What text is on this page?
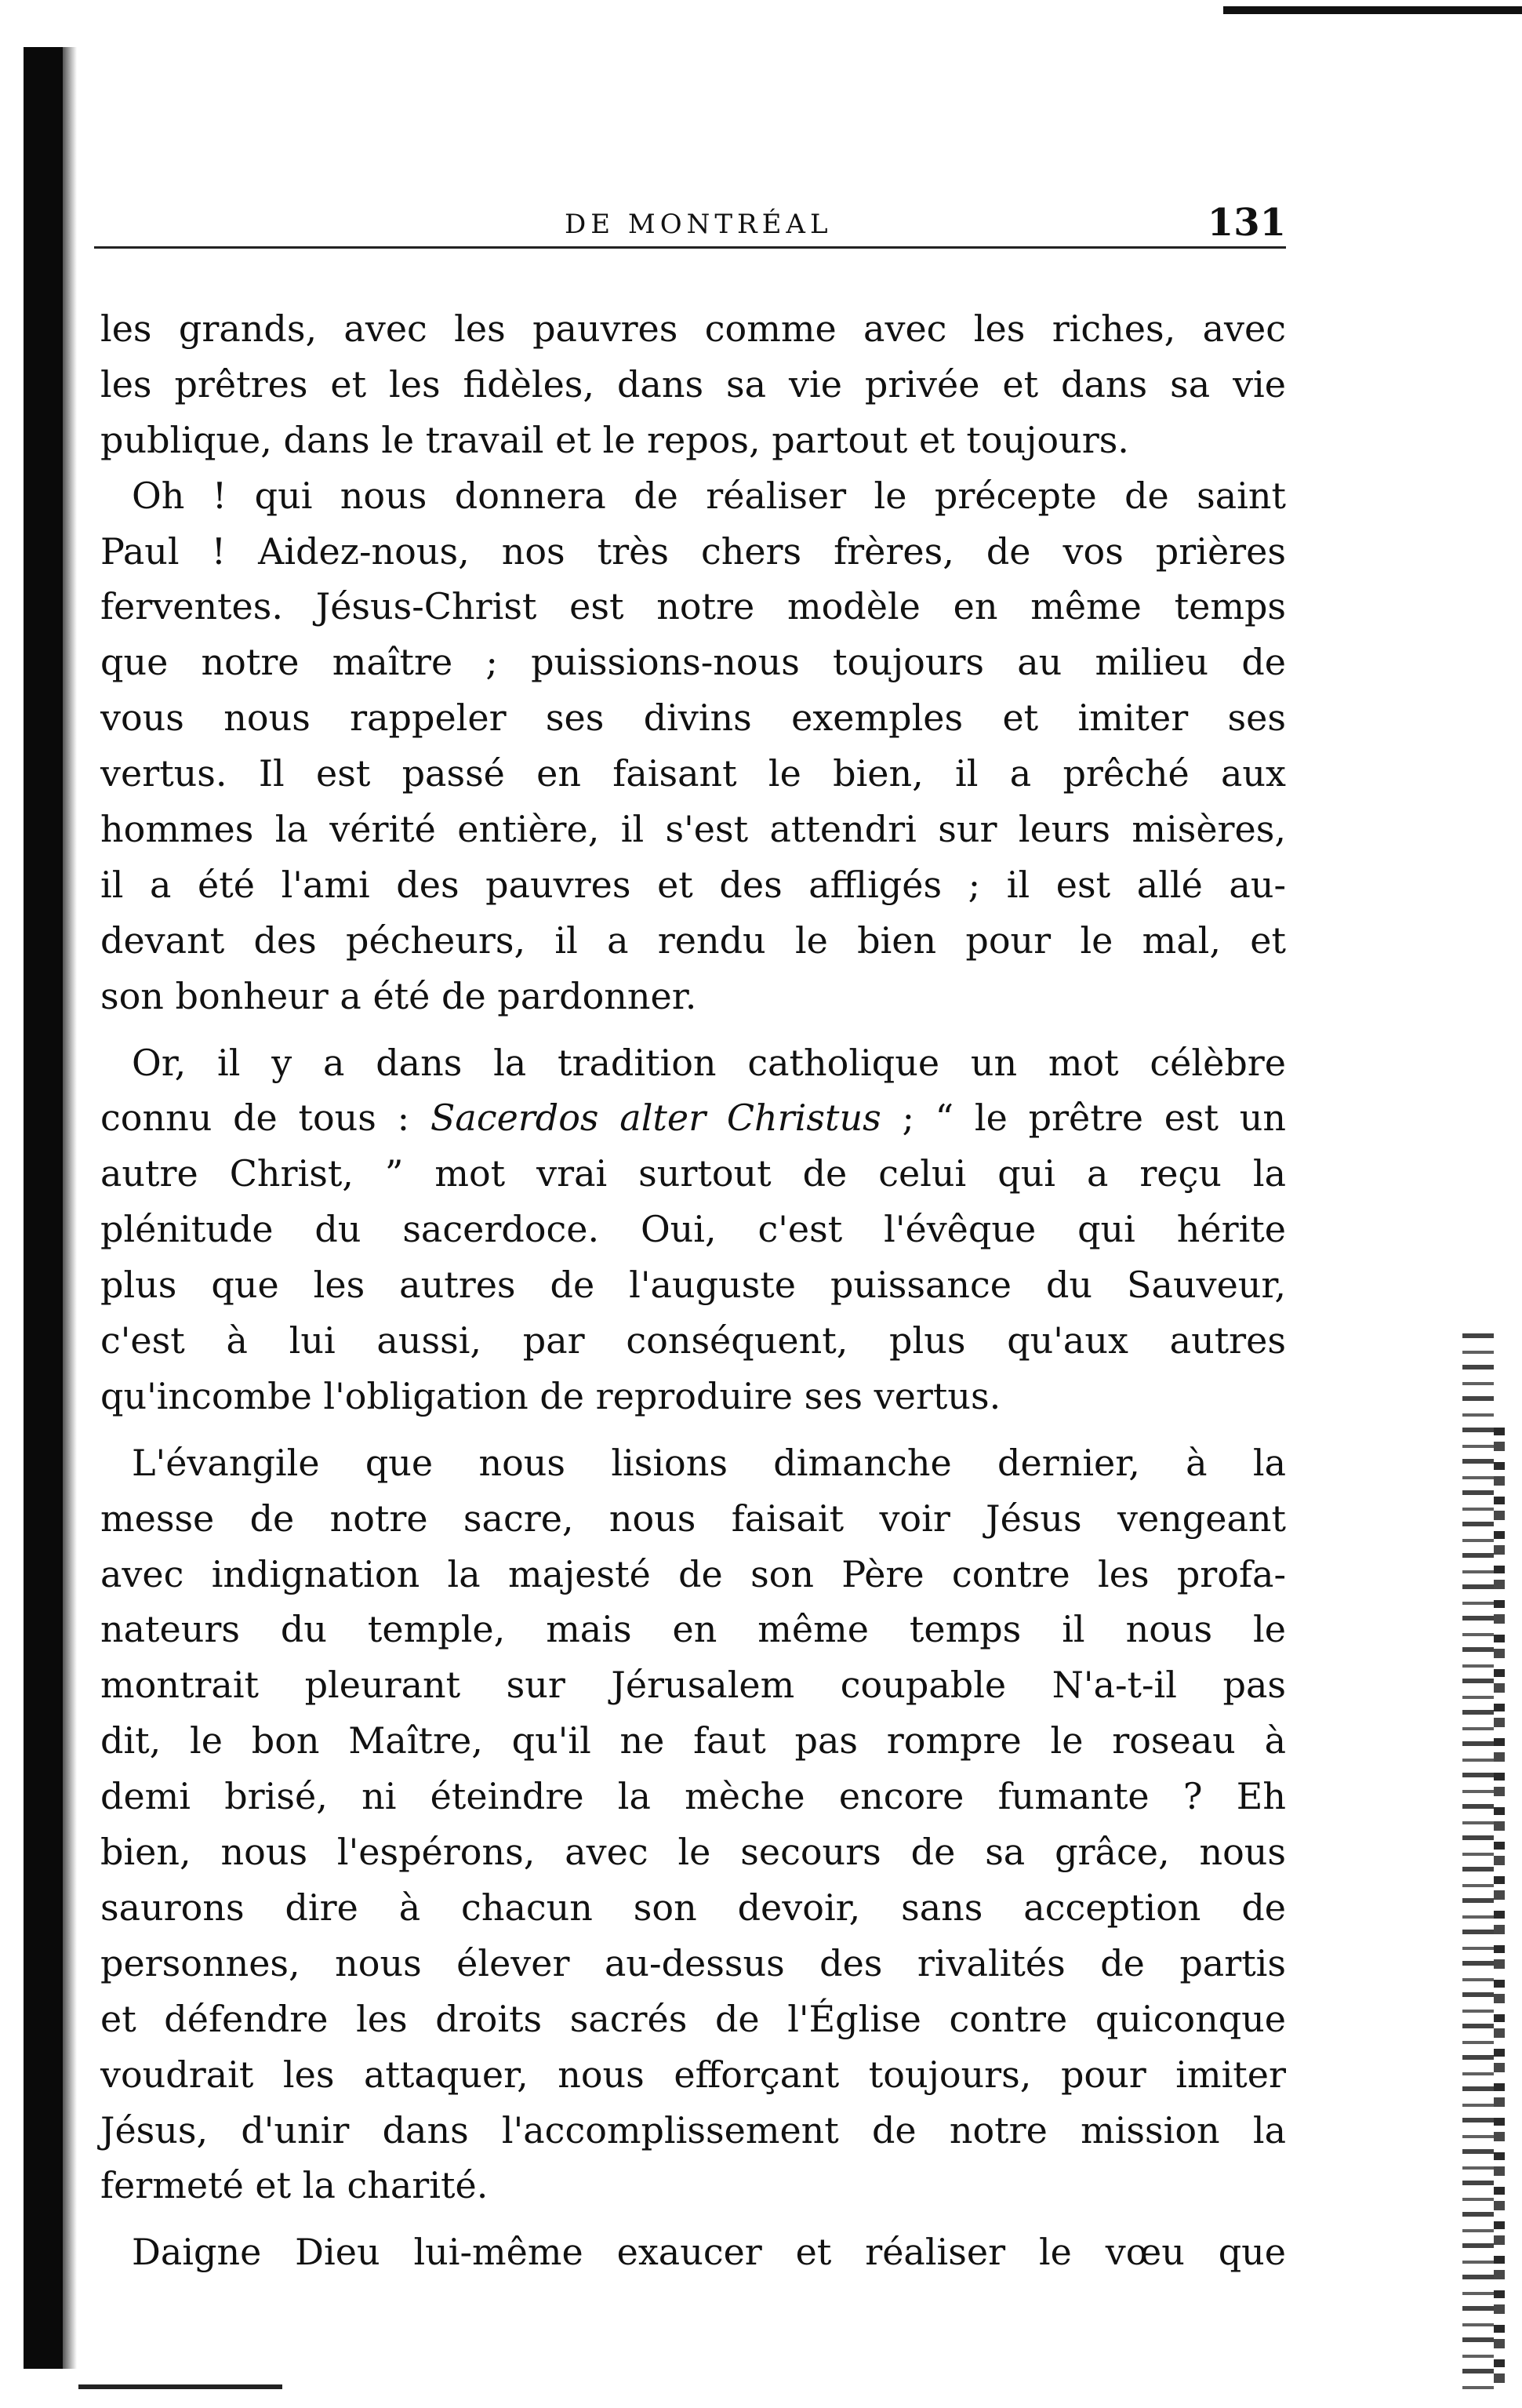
DE MONTRÉAL	131
les grands, avec les pauvres comme avec les riches, avec
les prêtres et les fidèles, dans sa vie privée et dans sa vie
publique, dans le travail et le repos, partout et toujours.
Oh ! qui nous donnera de réaliser le précepte de saint
Paul ! Aidez-nous, nos très chers frères, de vos prières
ferventes. Jésus-Christ est notre modèle en même temps
que notre maître ; puissions-nous toujours au milieu de
vous nous rappeler ses divins exemples et imiter ses
vertus. Il est passé en faisant le bien, il a prêché aux
hommes la vérité entière, il s'est attendri sur leurs misères,
il a été l'ami des pauvres et des affligés ; il est allé au-
devant des pécheurs, il a rendu le bien pour le mal, et
son bonheur a été de pardonner.
Or, il y a dans la tradition catholique un mot célèbre
connu de tous : Sacerdos alter Christus ; “ le prêtre est un
autre Christ, ” mot vrai surtout de celui qui a reçu la
plénitude du sacerdoce. Oui, c'est l'évêque qui hérite
plus que les autres de l'auguste puissance du Sauveur,
c'est à lui aussi, par conséquent, plus qu'aux autres
qu'incombe l'obligation de reproduire ses vertus.
L'évangile que nous lisions dimanche dernier, à la
messe de notre sacre, nous faisait voir Jésus vengeant
avec indignation la majesté de son Père contre les profa-
nateurs du temple, mais en même temps il nous le
montrait pleurant sur Jérusalem coupable N'a-t-il pas
dit, le bon Maître, qu'il ne faut pas rompre le roseau à
demi brisé, ni éteindre la mèche encore fumante ? Eh
bien, nous l'espérons, avec le secours de sa grâce, nous
saurons dire à chacun son devoir, sans acception de
personnes, nous élever au-dessus des rivalités de partis
et défendre les droits sacrés de l'Église contre quiconque
voudrait les attaquer, nous efforçant toujours, pour imiter
Jésus, d'unir dans l'accomplissement de notre mission la
fermeté et la charité.
Daigne Dieu lui-même exaucer et réaliser le vœu que
